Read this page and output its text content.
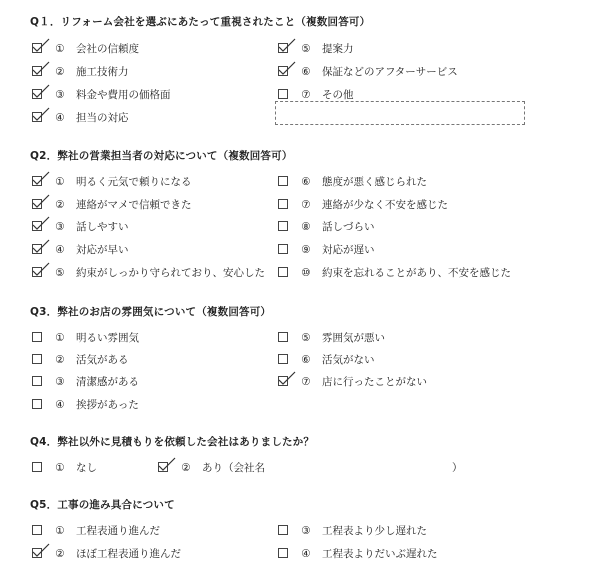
Q１．リフォーム会社を選ぶにあたって重視されたこと（複数回答可）
① 会社の信頼度
② 施工技術力
③ 料金や費用の価格面
④ 担当の対応
⑤ 提案力
⑥ 保証などのアフターサービス
⑦ その他
Q2．弊社の営業担当者の対応について（複数回答可）
① 明るく元気で頼りになる
② 連絡がマメで信頼できた
③ 話しやすい
④ 対応が早い
⑤ 約束がしっかり守られており、安心した
⑥ 態度が悪く感じられた
⑦ 連絡が少なく不安を感じた
⑧ 話しづらい
⑨ 対応が遅い
⑩ 約束を忘れることがあり、不安を感じた
Q3．弊社のお店の雰囲気について（複数回答可）
① 明るい雰囲気
② 活気がある
③ 清潔感がある
④ 挨拶があった
⑤ 雰囲気が悪い
⑥ 活気がない
⑦ 店に行ったことがない
Q4．弊社以外に見積もりを依頼した会社はありましたか？
① なし	② あり（会社名	）
Q5．工事の進み具合について
① 工程表通り進んだ
② ほぼ工程表通り進んだ
③ 工程表より少し遅れた
④ 工程表よりだいぶ遅れた
